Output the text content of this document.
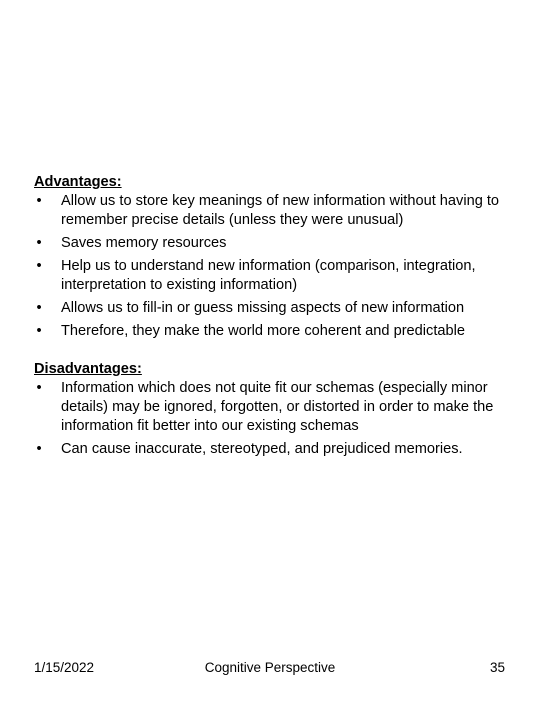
Advantages:

• Allow us to store key meanings of new information without having to remember precise details (unless they were unusual)
• Saves memory resources
• Help us to understand new information (comparison, integration, interpretation to existing information)
• Allows us to fill-in or guess missing aspects of new information
• Therefore, they make the world more coherent and predictable

Disadvantages:

• Information which does not quite fit our schemas (especially minor details) may be ignored, forgotten, or distorted in order to make the information fit better into our existing schemas
• Can cause inaccurate, stereotyped, and prejudiced memories.
1/15/2022	Cognitive Perspective	35
